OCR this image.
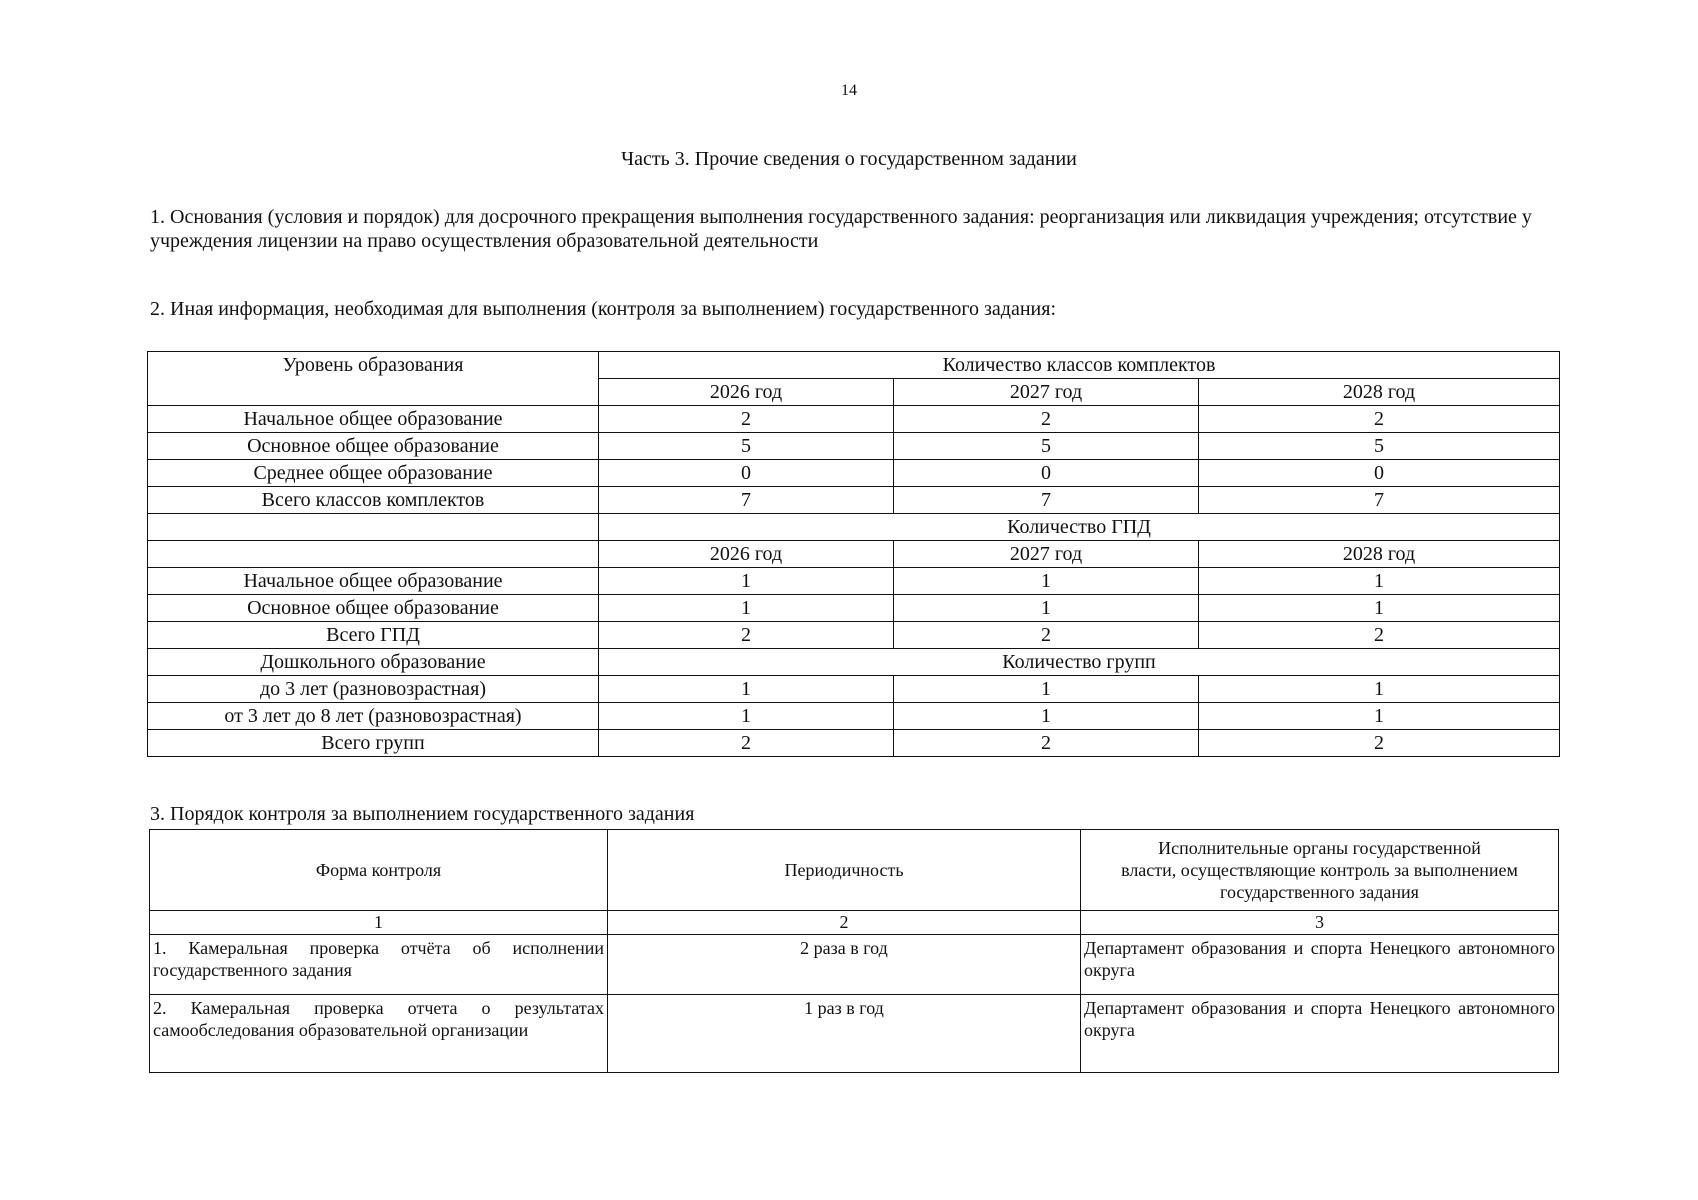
14
Часть 3. Прочие сведения о государственном задании
1. Основания (условия и порядок) для досрочного прекращения выполнения государственного задания: реорганизация или ликвидация учреждения; отсутствие у учреждения лицензии на право осуществления образовательной деятельности
2. Иная информация, необходимая для выполнения (контроля за выполнением) государственного задания:
Уровень образования	Количество классов комплектов		
	2026 год	2027 год	2028 год
Начальное общее образование	2	2	2
Основное общее образование	5	5	5
Среднее общее образование	0	0	0
Всего классов комплектов	7	7	7
	Количество ГПД		
	2026 год	2027 год	2028 год
Начальное общее образование	1	1	1
Основное общее образование	1	1	1
Всего ГПД	2	2	2
Дошкольного образование	Количество групп		
до 3 лет (разновозрастная)	1	1	1
от 3 лет до 8 лет (разновозрастная)	1	1	1
Всего групп	2	2	2
3. Порядок контроля за выполнением государственного задания
Форма контроля	Периодичность	Исполнительные органы государственной
власти, осуществляющие контроль за выполнением
государственного задания

1	2	3
1. Камеральная проверка отчёта об исполнении государственного задания	2 раза в год	Департамент образования и спорта Ненецкого автономного округа
2. Камеральная проверка отчета о результатах самообследования образовательной организации	1 раз в год	Департамент образования и спорта Ненецкого автономного округа
